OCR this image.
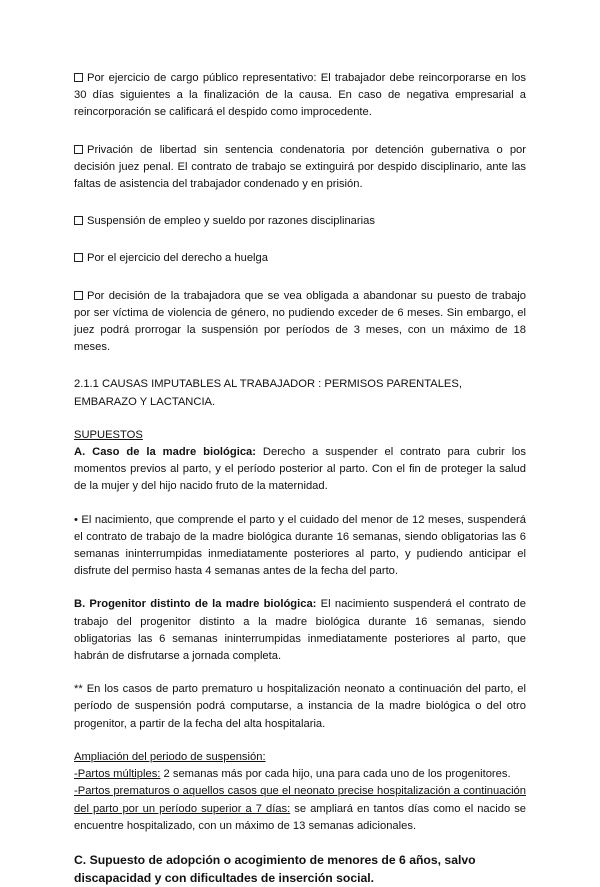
Por ejercicio de cargo público representativo: El trabajador debe reincorporarse en los 30 días siguientes a la finalización de la causa. En caso de negativa empresarial a reincorporación se calificará el despido como improcedente.

Privación de libertad sin sentencia condenatoria por detención gubernativa o por decisión juez penal. El contrato de trabajo se extinguirá por despido disciplinario, ante las faltas de asistencia del trabajador condenado y en prisión.

Suspensión de empleo y sueldo por razones disciplinarias

Por el ejercicio del derecho a huelga

Por decisión de la trabajadora que se vea obligada a abandonar su puesto de trabajo por ser víctima de violencia de género, no pudiendo exceder de 6 meses. Sin embargo, el juez podrá prorrogar la suspensión por períodos de 3 meses, con un máximo de 18 meses.

2.1.1 CAUSAS IMPUTABLES AL TRABAJADOR : PERMISOS PARENTALES, EMBARAZO Y LACTANCIA.

SUPUESTOS

A. Caso de la madre biológica: Derecho a suspender el contrato para cubrir los momentos previos al parto, y el período posterior al parto. Con el fin de proteger la salud de la mujer y del hijo nacido fruto de la maternidad.

• El nacimiento, que comprende el parto y el cuidado del menor de 12 meses, suspenderá el contrato de trabajo de la madre biológica durante 16 semanas, siendo obligatorias las 6 semanas ininterrumpidas inmediatamente posteriores al parto, y pudiendo anticipar el disfrute del permiso hasta 4 semanas antes de la fecha del parto.

B. Progenitor distinto de la madre biológica: El nacimiento suspenderá el contrato de trabajo del progenitor distinto a la madre biológica durante 16 semanas, siendo obligatorias las 6 semanas ininterrumpidas inmediatamente posteriores al parto, que habrán de disfrutarse a jornada completa.

** En los casos de parto prematuro u hospitalización neonato a continuación del parto, el período de suspensión podrá computarse, a instancia de la madre biológica o del otro progenitor, a partir de la fecha del alta hospitalaria.

Ampliación del periodo de suspensión:

-Partos múltiples: 2 semanas más por cada hijo, una para cada uno de los progenitores.

-Partos prematuros o aquellos casos que el neonato precise hospitalización a continuación del parto por un período superior a 7 días: se ampliará en tantos días como el nacido se encuentre hospitalizado, con un máximo de 13 semanas adicionales.

C. Supuesto de adopción o acogimiento de menores de 6 años, salvo discapacidad y con dificultades de inserción social.
